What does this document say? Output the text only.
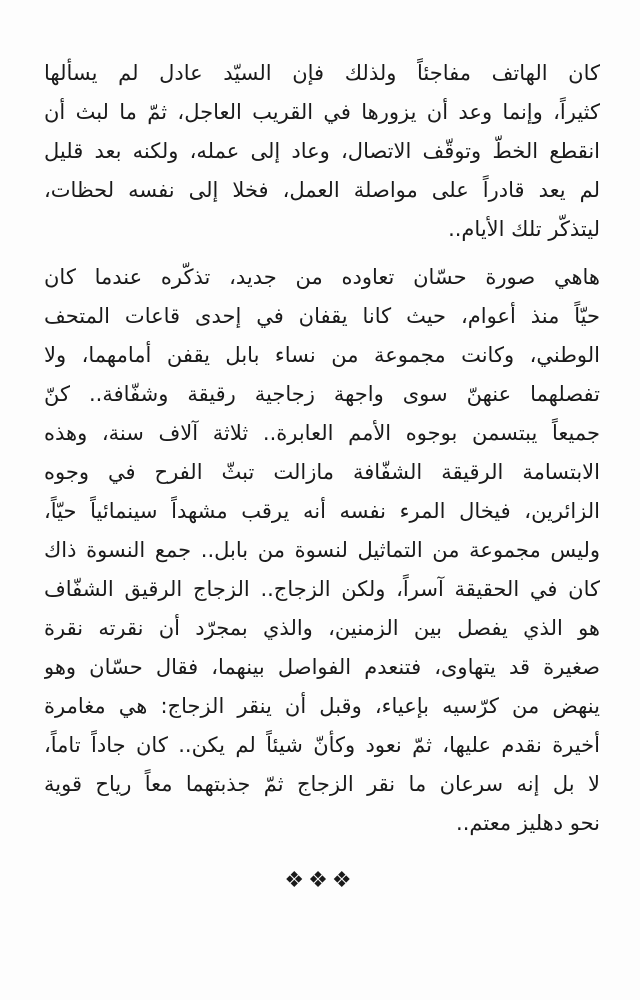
كان الهاتف مفاجئاً ولذلك فإن السيّد عادل لم يسألها
كثيراً، وإنما وعد أن يزورها في القريب العاجل، ثمّ ما لبث أن
انقطع الخطّ وتوقّف الاتصال، وعاد إلى عمله، ولكنه بعد قليل
لم يعد قادراً على مواصلة العمل، فخلا إلى نفسه لحظات،
ليتذكّر تلك الأيام..
هاهي صورة حسّان تعاوده من جديد، تذكّره عندما كان
حيّاً منذ أعوام، حيث كانا يقفان في إحدى قاعات المتحف
الوطني، وكانت مجموعة من نساء بابل يقفن أمامهما، ولا
تفصلهما عنهنّ سوى واجهة زجاجية رقيقة وشفّافة.. كنّ
جميعاً يبتسمن بوجوه الأمم العابرة.. ثلاثة آلاف سنة، وهذه
الابتسامة الرقيقة الشفّافة مازالت تبثّ الفرح في وجوه
الزائرين، فيخال المرء نفسه أنه يرقب مشهداً سينمائياً حيّاً،
وليس مجموعة من التماثيل لنسوة من بابل.. جمع النسوة ذاك
كان في الحقيقة آسراً، ولكن الزجاج.. الزجاج الرقيق الشفّاف
هو الذي يفصل بين الزمنين، والذي بمجرّد أن نقرته نقرة
صغيرة قد يتهاوى، فتنعدم الفواصل بينهما، فقال حسّان وهو
ينهض من كرّسيه بإعياء، وقبل أن ينقر الزجاج: هي مغامرة
أخيرة نقدم عليها، ثمّ نعود وكأنّ شيئاً لم يكن.. كان جاداً تاماً،
لا بل إنه سرعان ما نقر الزجاج ثمّ جذبتهما معاً رياح قوية
نحو دهليز معتم..
❖❖❖
